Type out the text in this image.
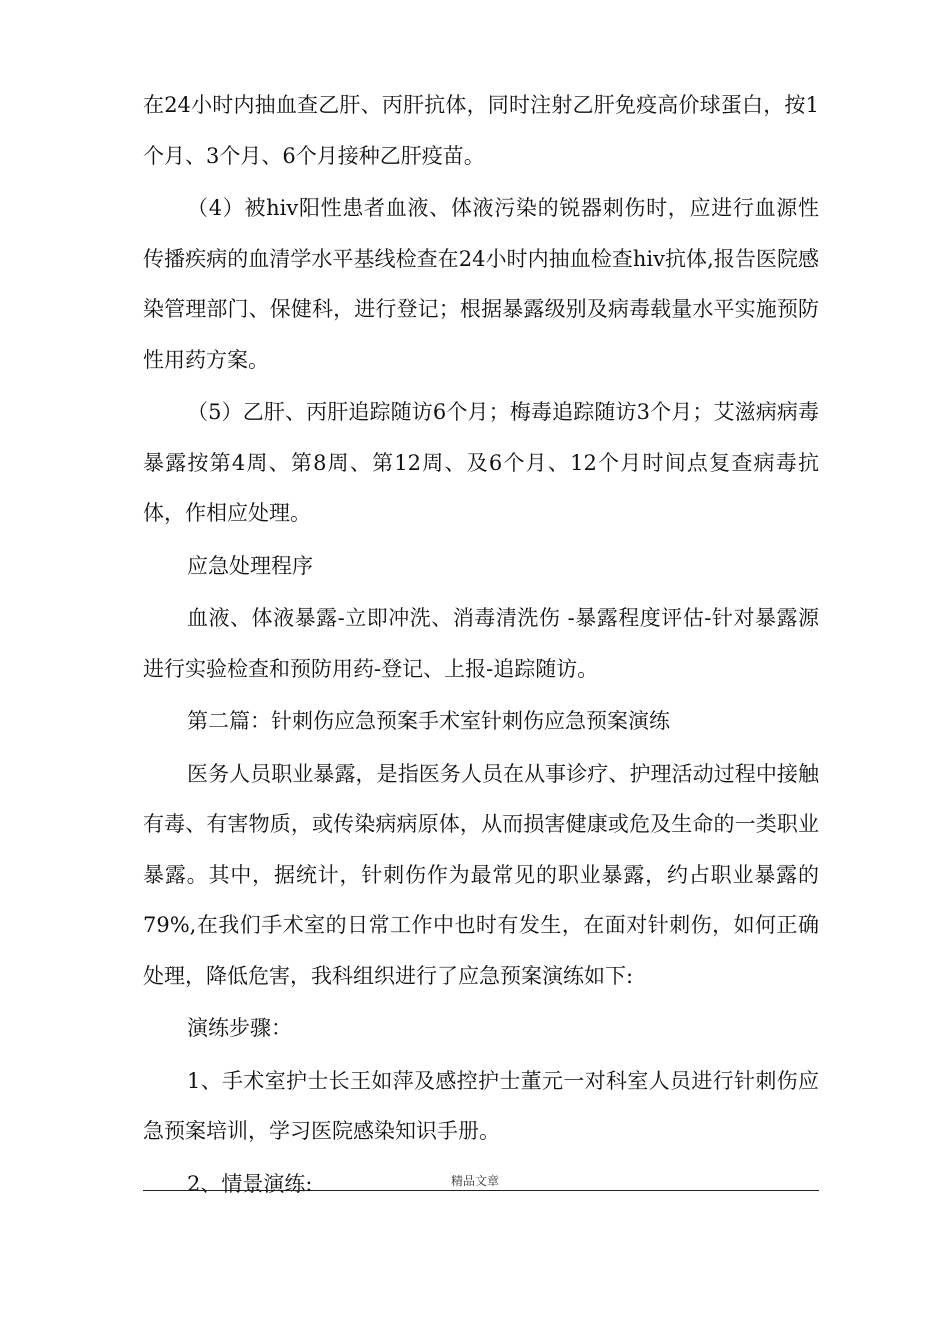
在24小时内抽血查乙肝、丙肝抗体，同时注射乙肝免疫高价球蛋白，按1个月、3个月、6个月接种乙肝疫苗。

（4）被hiv阳性患者血液、体液污染的锐器刺伤时，应进行血源性传播疾病的血清学水平基线检查在24小时内抽血检查hiv抗体,报告医院感染管理部门、保健科，进行登记；根据暴露级别及病毒载量水平实施预防性用药方案。

（5）乙肝、丙肝追踪随访6个月；梅毒追踪随访3个月；艾滋病病毒暴露按第4周、第8周、第12周、及6个月、12个月时间点复查病毒抗体，作相应处理。

应急处理程序

血液、体液暴露-立即冲洗、消毒清洗伤 -暴露程度评估-针对暴露源进行实验检查和预防用药-登记、上报-追踪随访。

第二篇：针刺伤应急预案手术室针刺伤应急预案演练

医务人员职业暴露，是指医务人员在从事诊疗、护理活动过程中接触有毒、有害物质，或传染病病原体，从而损害健康或危及生命的一类职业暴露。其中，据统计，针刺伤作为最常见的职业暴露，约占职业暴露的79%,在我们手术室的日常工作中也时有发生，在面对针刺伤，如何正确处理，降低危害，我科组织进行了应急预案演练如下:

演练步骤：

1、手术室护士长王如萍及感控护士董元一对科室人员进行针刺伤应急预案培训，学习医院感染知识手册。

2、情景演练:	精品文章
